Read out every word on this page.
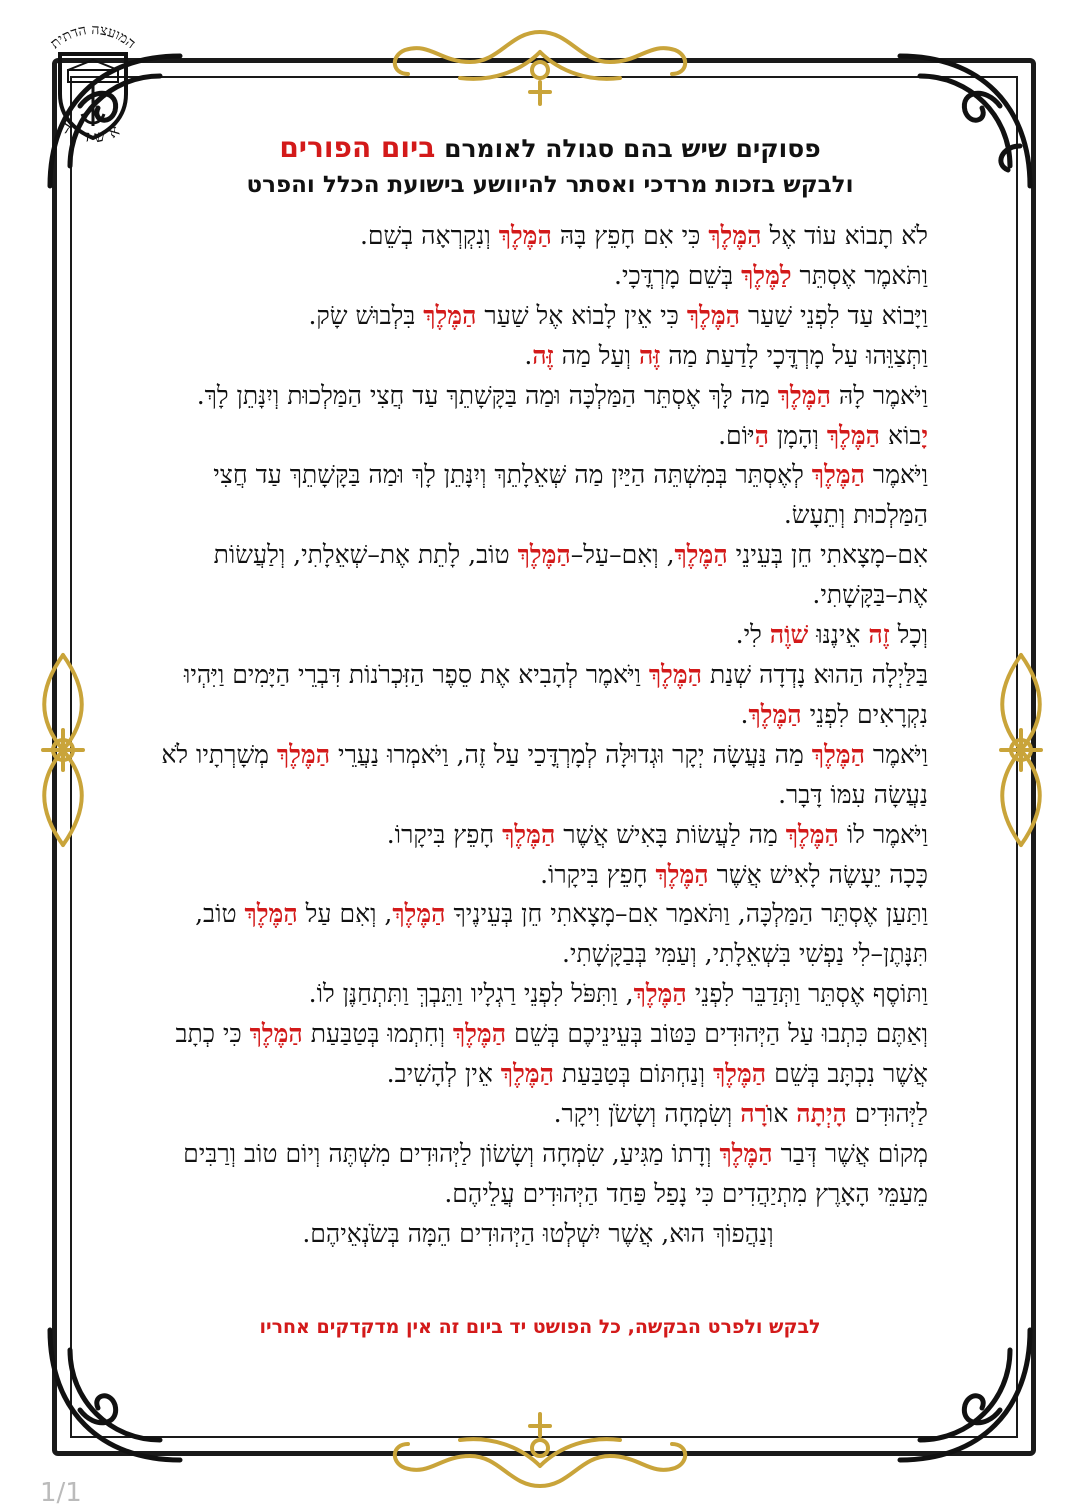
המועצה הדתית
אשדוד
פסוקים שיש בהם סגולה לאומרם ביום הפורים
ולבקש בזכות מרדכי ואסתר להיוושע בישועת הכלל והפרט

לֹא תָבוֹא עוֹד אֶל הַמֶּלֶךְ כִּי אִם חָפֵץ בָּהּ הַמֶּלֶךְ וְנִקְרְאָה בְשֵׁם.

וַתֹּאמֶר אֶסְתֵּר לַמֶּלֶךְ בְּשֵׁם מָרְדֳּכָי.

וַיָּבוֹא עַד לִפְנֵי שַׁעַר הַמֶּלֶךְ כִּי אֵין לָבוֹא אֶל שַׁעַר הַמֶּלֶךְ בִּלְבוּשׁ שָׂק.

וַתְּצַוֵּהוּ עַל מָרְדֳּכָי לָדַעַת מַה זֶּה וְעַל מַה זֶּה.

וַיֹּאמֶר לָהּ הַמֶּלֶךְ מַה לָּךְ אֶסְתֵּר הַמַּלְכָּה וּמַה בַּקָּשָׁתֵךְ עַד חֲצִי הַמַּלְכוּת וְיִנָּתֵן לָךְ.

יָבוֹא הַמֶּלֶךְ וְהָמָן הַיּוֹם.

וַיֹּאמֶר הַמֶּלֶךְ לְאֶסְתֵּר בְּמִשְׁתֵּה הַיַּיִן מַה שְּׁאֵלָתֵךְ וְיִנָּתֵן לָךְ וּמַה בַּקָּשָׁתֵךְ עַד חֲצִי הַמַּלְכוּת וְתֵעָשׂ.

אִם–מָצָאתִי חֵן בְּעֵינֵי הַמֶּלֶךְ, וְאִם–עַל–הַמֶּלֶךְ טוֹב, לָתֵת אֶת–שְׁאֵלָתִי, וְלַעֲשׂוֹת אֶת–בַּקָּשָׁתִי.

וְכָל זֶה אֵינֶנּוּ שׁוֶֹה לִי.

בַּלַּיְלָה הַהוּא נָדְדָה שְׁנַת הַמֶּלֶךְ וַיֹּאמֶר לְהָבִיא אֶת סֵפֶר הַזִּכְרֹנוֹת דִּבְרֵי הַיָּמִים וַיִּהְיוּ נִקְרָאִים לִפְנֵי הַמֶּלֶךְ.

וַיֹּאמֶר הַמֶּלֶךְ מַה נַּעֲשָׂה יְקָר וּגְדוּלָּה לְמָרְדֳּכַי עַל זֶה, וַיֹּאמְרוּ נַעֲרֵי הַמֶּלֶךְ מְשָׁרְתָיו לֹא נַעֲשָׂה עִמּוֹ דָּבָר.

וַיֹּאמֶר לוֹ הַמֶּלֶךְ מַה לַעֲשׂוֹת בָּאִישׁ אֲשֶׁר הַמֶּלֶךְ חָפֵץ בִּיקָרוֹ.

כָּכָה יֵעָשֶׂה לָאִישׁ אֲשֶׁר הַמֶּלֶךְ חָפֵץ בִּיקָרוֹ.

וַתַּעַן אֶסְתֵּר הַמַּלְכָּה, וַתֹּאמַר אִם–מָצָאתִי חֵן בְּעֵינֶיךָ הַמֶּלֶךְ, וְאִם עַל הַמֶּלֶךְ טוֹב, תִּנָּתֶן–לִי נַפְשִׁי בִּשְׁאֵלָתִי, וְעַמִּי בְּבַקָּשָׁתִי.

וַתּוֹסֶף אֶסְתֵּר וַתְּדַבֵּר לִפְנֵי הַמֶּלֶךְ, וַתִּפֹּל לִפְנֵי רַגְלָיו וַתֵּבְךְּ וַתִּתְחַנֶּן לוֹ.

וְאַתֶּם כִּתְבוּ עַל הַיְּהוּדִים כַּטּוֹב בְּעֵינֵיכֶם בְּשֵׁם הַמֶּלֶךְ וְחִתְמוּ בְּטַבַּעַת הַמֶּלֶךְ כִּי כְתָב אֲשֶׁר נִכְתָּב בְּשֵׁם הַמֶּלֶךְ וְנַחְתּוֹם בְּטַבַּעַת הַמֶּלֶךְ אֵין לְהָשִׁיב.

לַיְּהוּדִים הָיְתָה אוֹרָה וְשִׂמְחָה וְשָׂשֹׂן וִיקָר.

מְקוֹם אֲשֶׁר דְּבַר הַמֶּלֶךְ וְדָתוֹ מַגִּיעַ, שִׂמְחָה וְשָׂשׂוֹן לַיְּהוּדִים מִשְׁתֶּה וְיוֹם טוֹב וְרַבִּים מֵעַמֵּי הָאָרֶץ מִתְיַהֲדִים כִּי נָפַל פַּחַד הַיְּהוּדִים עֲלֵיהֶם.

וְנַהֲפוֹךְ הוּא, אֲשֶׁר יִשְׁלְטוּ הַיְּהוּדִים הֵמָּה בְּשֹׂנְאֵיהֶם.

לבקש ולפרט הבקשה, כל הפושט יד ביום זה אין מדקדקים אחריו
1/1
